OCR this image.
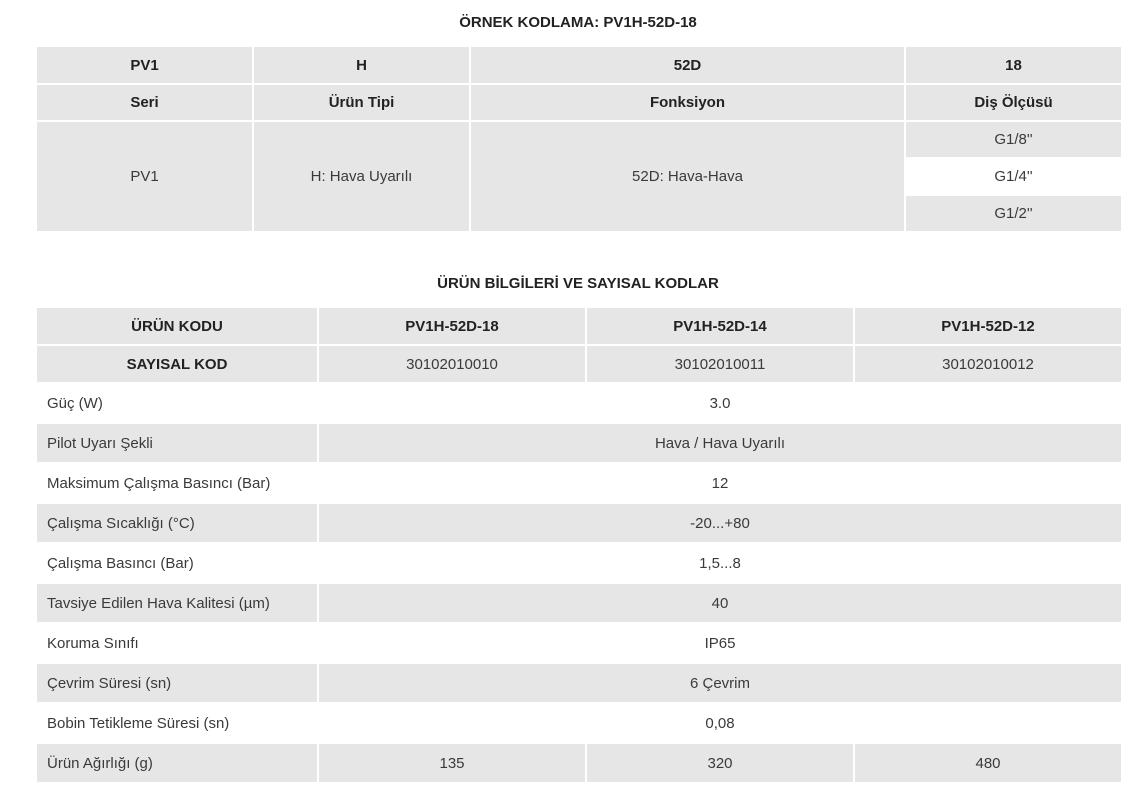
ÖRNEK KODLAMA: PV1H-52D-18
PV1	H	52D	18
Seri	Ürün Tipi	Fonksiyon	Diş Ölçüsü
PV1	H: Hava Uyarılı	52D: Hava-Hava	G1/8''
			G1/4''
			G1/2''
ÜRÜN BİLGİLERİ VE SAYISAL KODLAR
ÜRÜN KODU	PV1H-52D-18	PV1H-52D-14	PV1H-52D-12
SAYISAL KOD	30102010010	30102010011	30102010012
Güç (W)	3.0		
Pilot Uyarı Şekli	Hava / Hava Uyarılı		
Maksimum Çalışma Basıncı (Bar)	12		
Çalışma Sıcaklığı (°C)	-20...+80		
Çalışma Basıncı (Bar)	1,5...8		
Tavsiye Edilen Hava Kalitesi (µm)	40		
Koruma Sınıfı	IP65		
Çevrim Süresi (sn)	6 Çevrim		
Bobin Tetikleme Süresi (sn)	0,08		
Ürün Ağırlığı (g)	135	320	480
